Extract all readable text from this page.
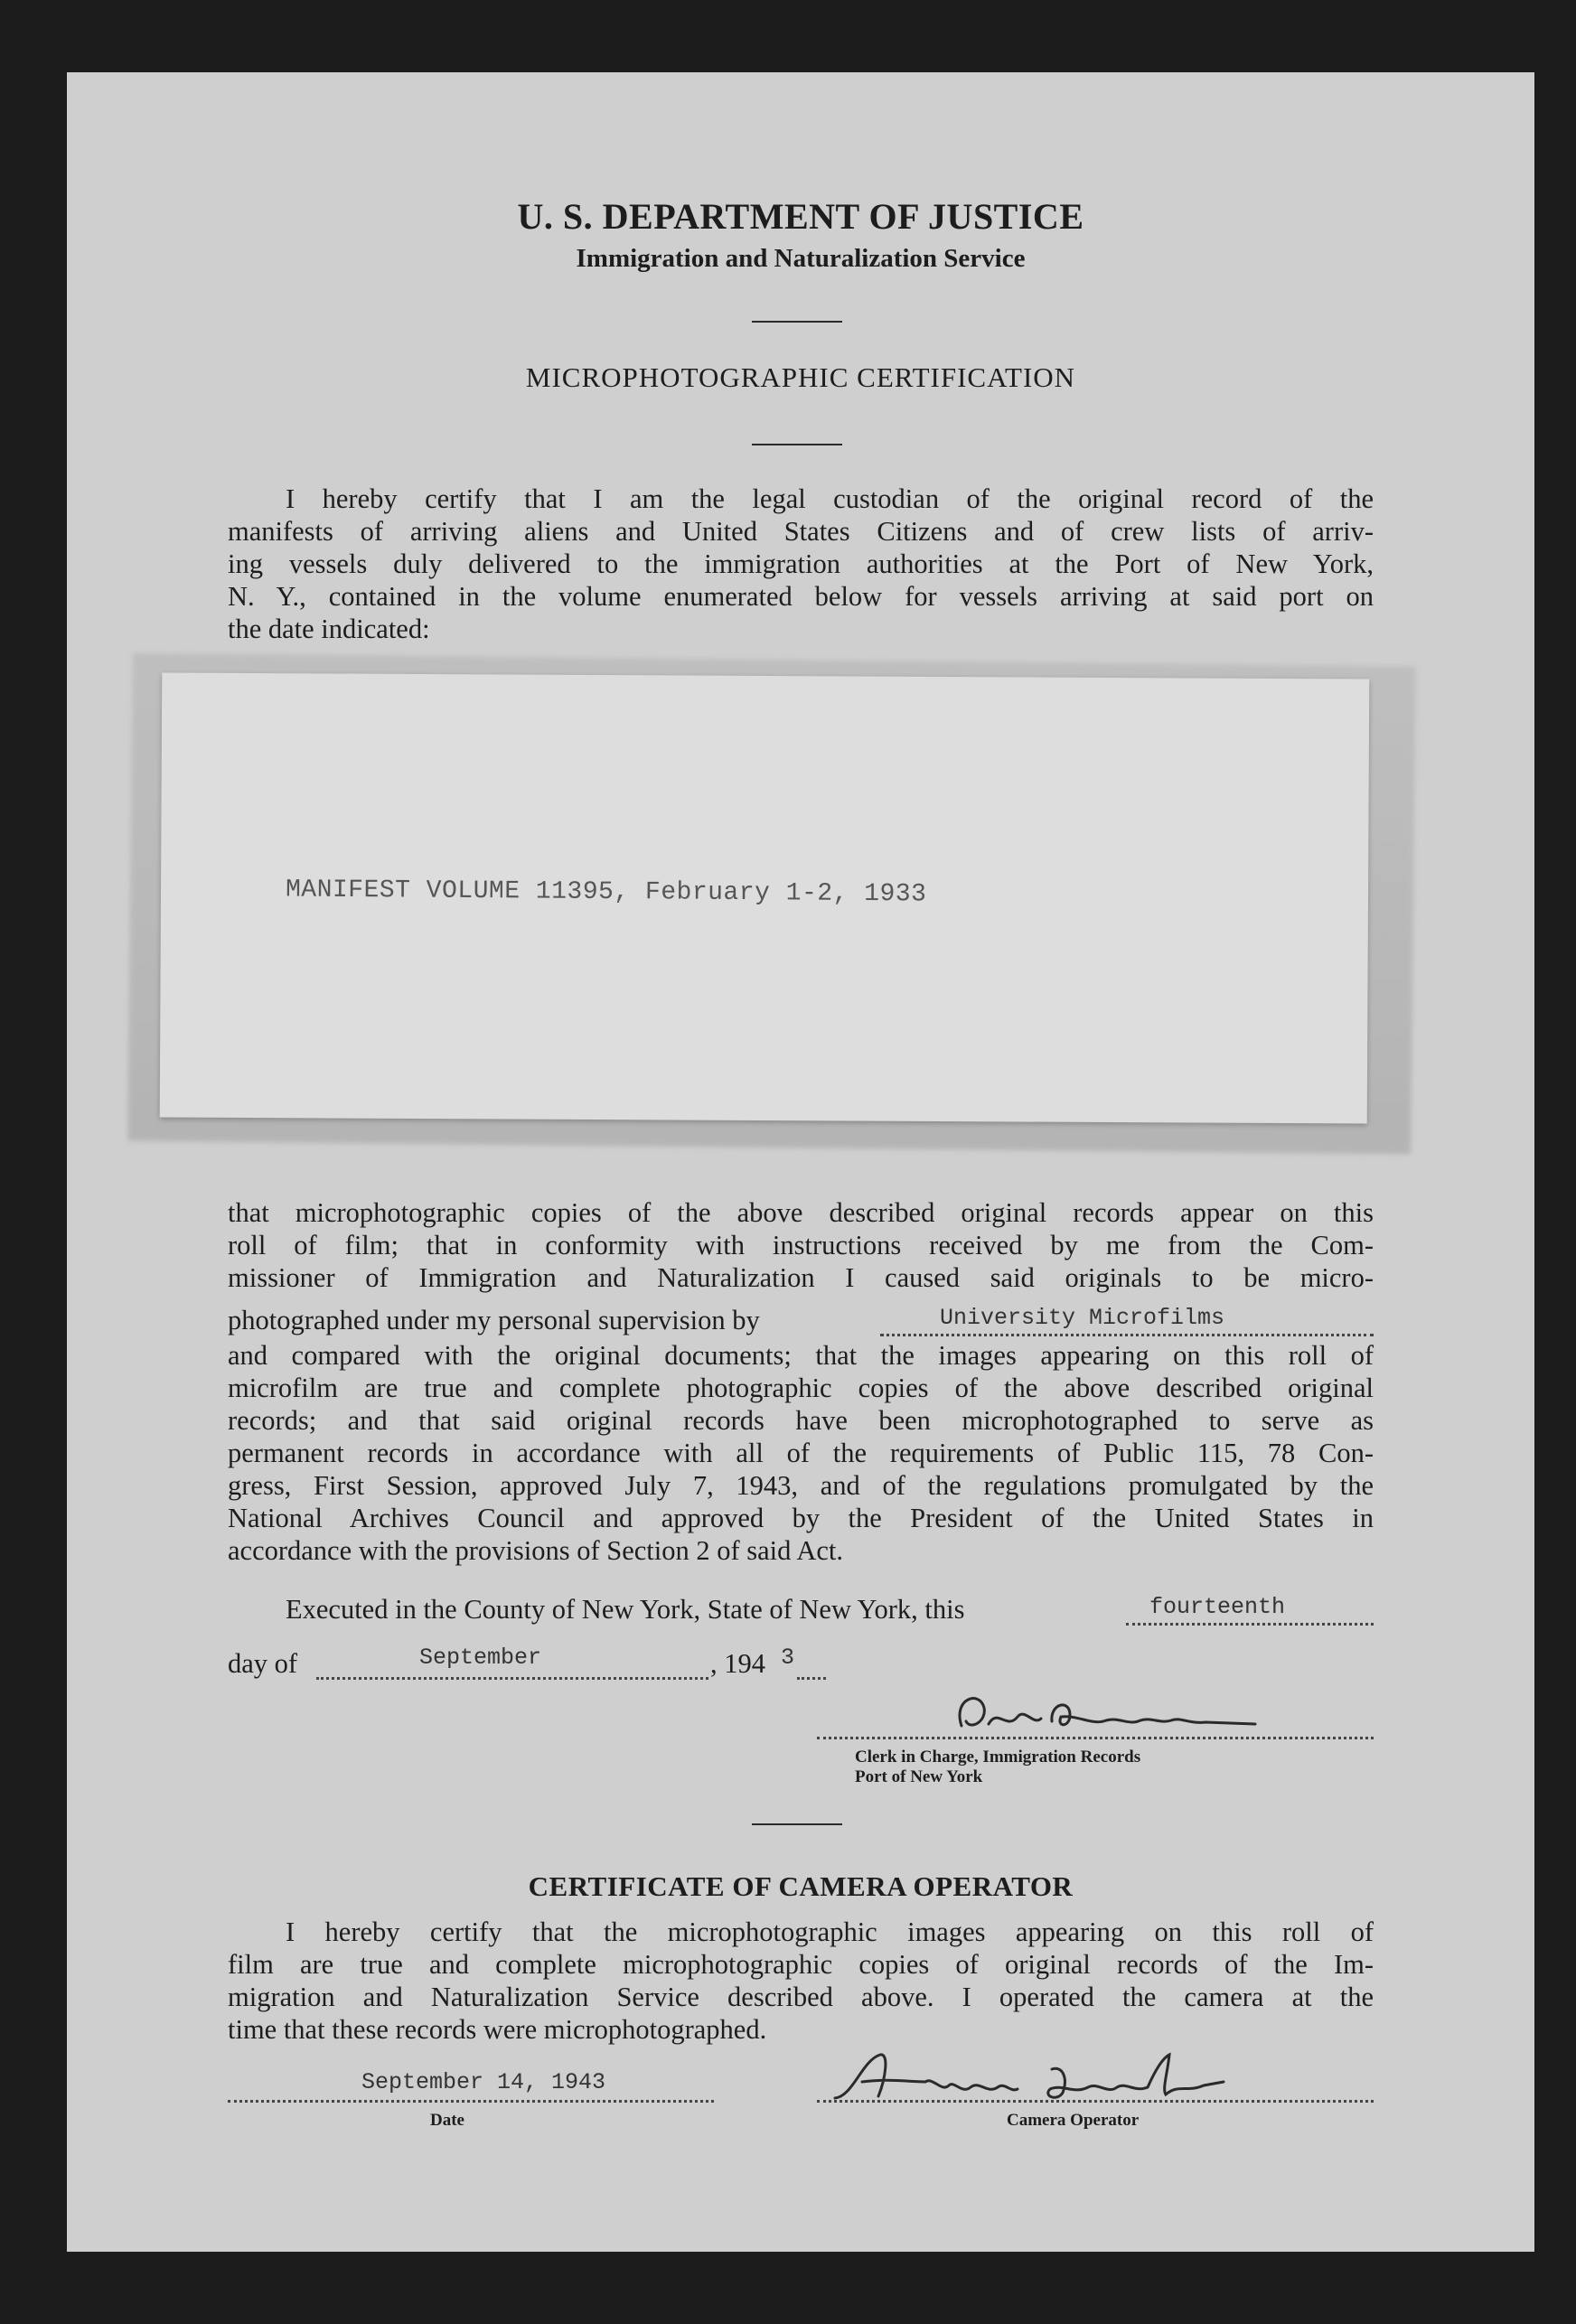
U. S. DEPARTMENT OF JUSTICE
Immigration and Naturalization Service
MICROPHOTOGRAPHIC CERTIFICATION

I hereby certify that I am the legal custodian of the original record of the

manifests of arriving aliens and United States Citizens and of crew lists of arriv-

ing vessels duly delivered to the immigration authorities at the Port of New York,

N. Y., contained in the volume enumerated below for vessels arriving at said port on

the date indicated:

MANIFEST VOLUME 11395, February 1-2, 1933

that microphotographic copies of the above described original records appear on this

roll of film; that in conformity with instructions received by me from the Com-

missioner of Immigration and Naturalization I caused said originals to be micro-

photographed under my personal supervision by	University Microfilms

and compared with the original documents; that the images appearing on this roll of

microfilm are true and complete photographic copies of the above described original

records; and that said original records have been microphotographed to serve as

permanent records in accordance with all of the requirements of Public 115, 78 Con-

gress, First Session, approved July 7, 1943, and of the regulations promulgated by the

National Archives Council and approved by the President of the United States in

accordance with the provisions of Section 2 of said Act.

Executed in the County of New York, State of New York, this	fourteenth
day of	September	, 194 3
Clerk in Charge, Immigration Records
Port of New York
CERTIFICATE OF CAMERA OPERATOR

I hereby certify that the microphotographic images appearing on this roll of

film are true and complete microphotographic copies of original records of the Im-

migration and Naturalization Service described above. I operated the camera at the

time that these records were microphotographed.

September 14, 1943
Date	Camera Operator
